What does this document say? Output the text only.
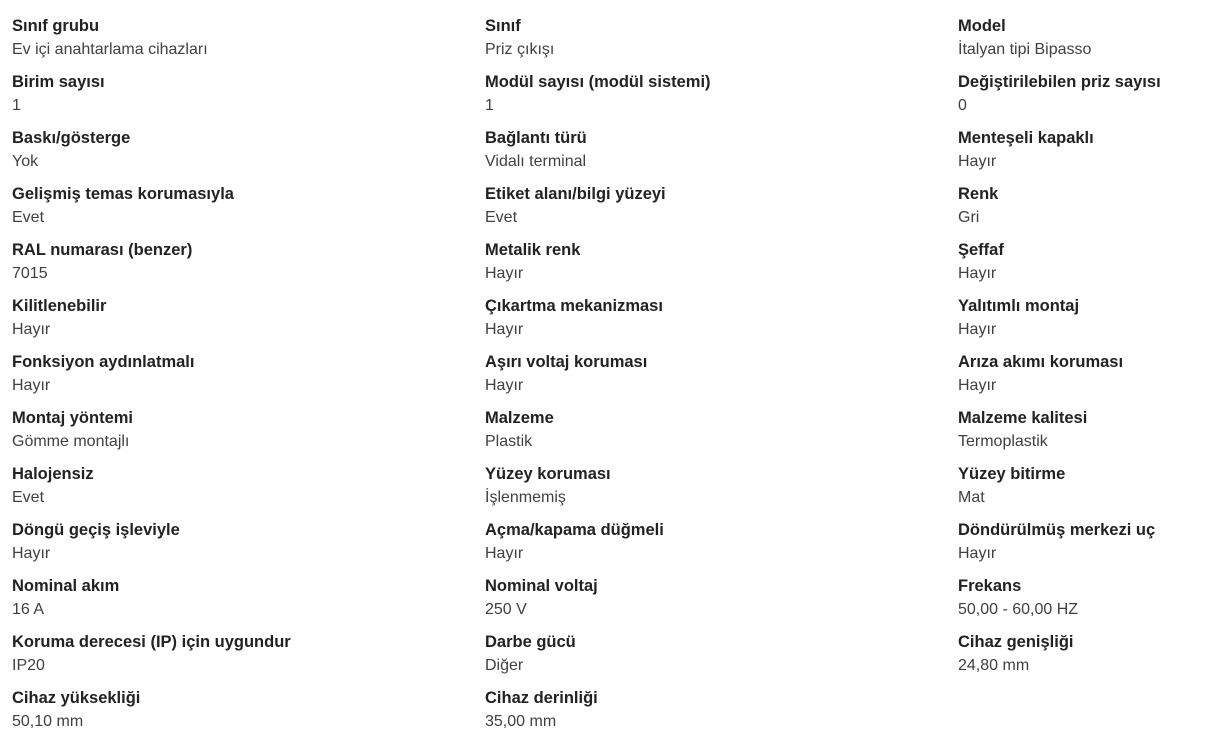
Sınıf grubu
Ev içi anahtarlama cihazları
Birim sayısı
1
Baskı/gösterge
Yok
Gelişmiş temas korumasıyla
Evet
RAL numarası (benzer)
7015
Kilitlenebilir
Hayır
Fonksiyon aydınlatmalı
Hayır
Montaj yöntemi
Gömme montajlı
Halojensiz
Evet
Döngü geçiş işleviyle
Hayır
Nominal akım
16 A
Koruma derecesi (IP) için uygundur
IP20
Cihaz yüksekliği
50,10 mm
Sınıf
Priz çıkışı
Modül sayısı (modül sistemi)
1
Bağlantı türü
Vidalı terminal
Etiket alanı/bilgi yüzeyi
Evet
Metalik renk
Hayır
Çıkartma mekanizması
Hayır
Aşırı voltaj koruması
Hayır
Malzeme
Plastik
Yüzey koruması
İşlenmemiş
Açma/kapama düğmeli
Hayır
Nominal voltaj
250 V
Darbe gücü
Diğer
Cihaz derinliği
35,00 mm
Model
İtalyan tipi Bipasso
Değiştirilebilen priz sayısı
0
Menteşeli kapaklı
Hayır
Renk
Gri
Şeffaf
Hayır
Yalıtımlı montaj
Hayır
Arıza akımı koruması
Hayır
Malzeme kalitesi
Termoplastik
Yüzey bitirme
Mat
Döndürülmüş merkezi uç
Hayır
Frekans
50,00 - 60,00 HZ
Cihaz genişliği
24,80 mm
